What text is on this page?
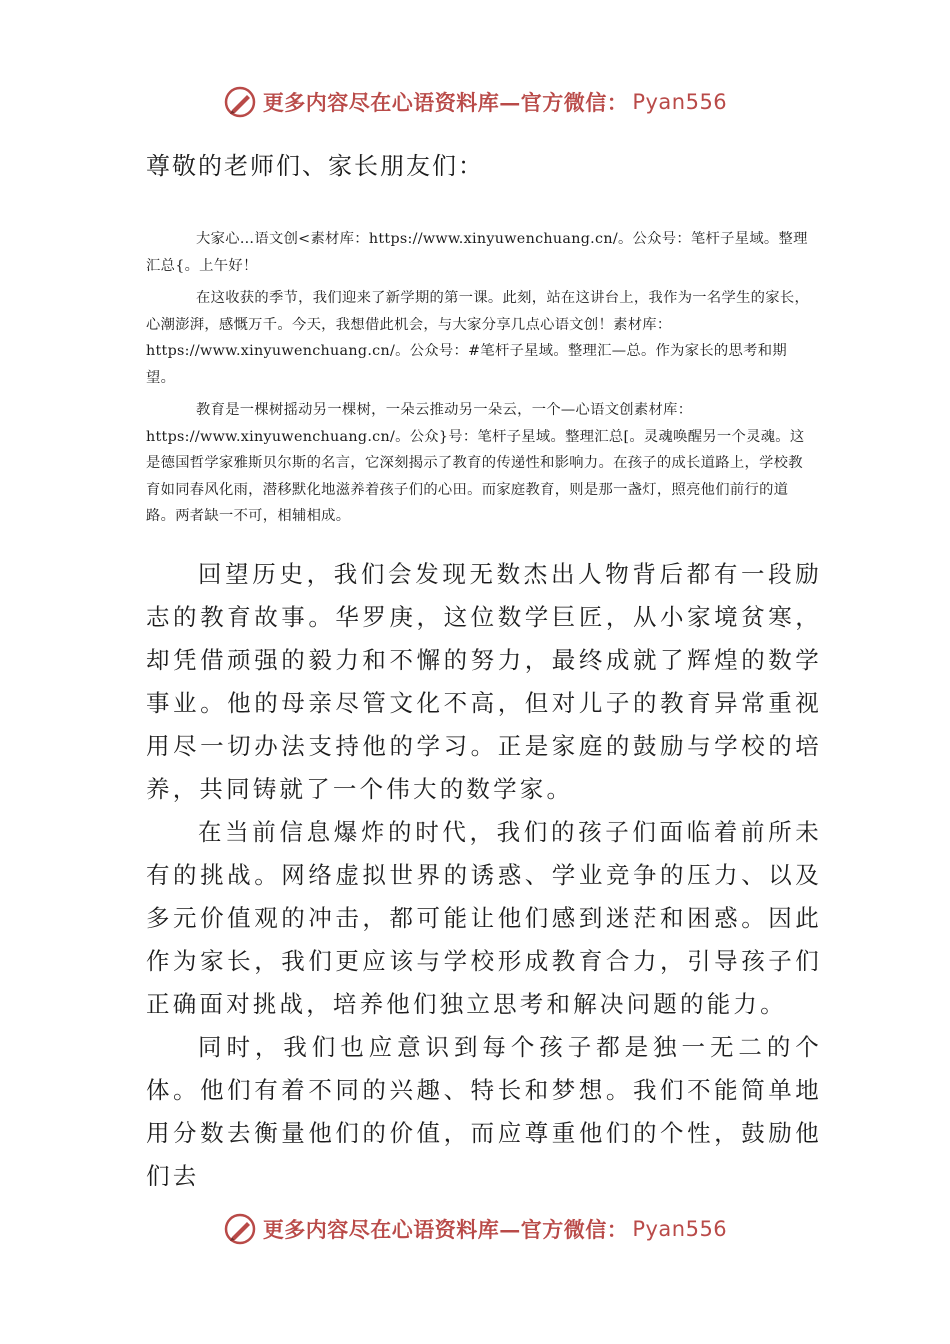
更多内容尽在心语资料库—官方微信： Pyan556
尊敬的老师们、家长朋友们：

大家心…语文创<素材库：https://www.xinyuwenchuang.cn/。公众号：笔杆子星域。整理汇总{。上午好！

在这收获的季节，我们迎来了新学期的第一课。此刻，站在这讲台上，我作为一名学生的家长，心潮澎湃，感慨万千。今天，我想借此机会，与大家分享几点心语文创！素材库：https://www.xinyuwenchuang.cn/。公众号：#笔杆子星域。整理汇—总。作为家长的思考和期望。

教育是一棵树摇动另一棵树，一朵云推动另一朵云，一个—心语文创素材库：https://www.xinyuwenchuang.cn/。公众}号：笔杆子星域。整理汇总[。灵魂唤醒另一个灵魂。这是德国哲学家雅斯贝尔斯的名言，它深刻揭示了教育的传递性和影响力。在孩子的成长道路上，学校教育如同春风化雨，潜移默化地滋养着孩子们的心田。而家庭教育，则是那一盏灯，照亮他们前行的道路。两者缺一不可，相辅相成。

回望历史，我们会发现无数杰出人物背后都有一段励志的教育故事。华罗庚，这位数学巨匠，从小家境贫寒，却凭借顽强的毅力和不懈的努力，最终成就了辉煌的数学事业。他的母亲尽管文化不高，但对儿子的教育异常重视用尽一切办法支持他的学习。正是家庭的鼓励与学校的培养，共同铸就了一个伟大的数学家。

在当前信息爆炸的时代，我们的孩子们面临着前所未有的挑战。网络虚拟世界的诱惑、学业竞争的压力、以及多元价值观的冲击，都可能让他们感到迷茫和困惑。因此作为家长，我们更应该与学校形成教育合力，引导孩子们正确面对挑战，培养他们独立思考和解决问题的能力。

同时，我们也应意识到每个孩子都是独一无二的个体。他们有着不同的兴趣、特长和梦想。我们不能简单地用分数去衡量他们的价值，而应尊重他们的个性，鼓励他们去

更多内容尽在心语资料库—官方微信： Pyan556
